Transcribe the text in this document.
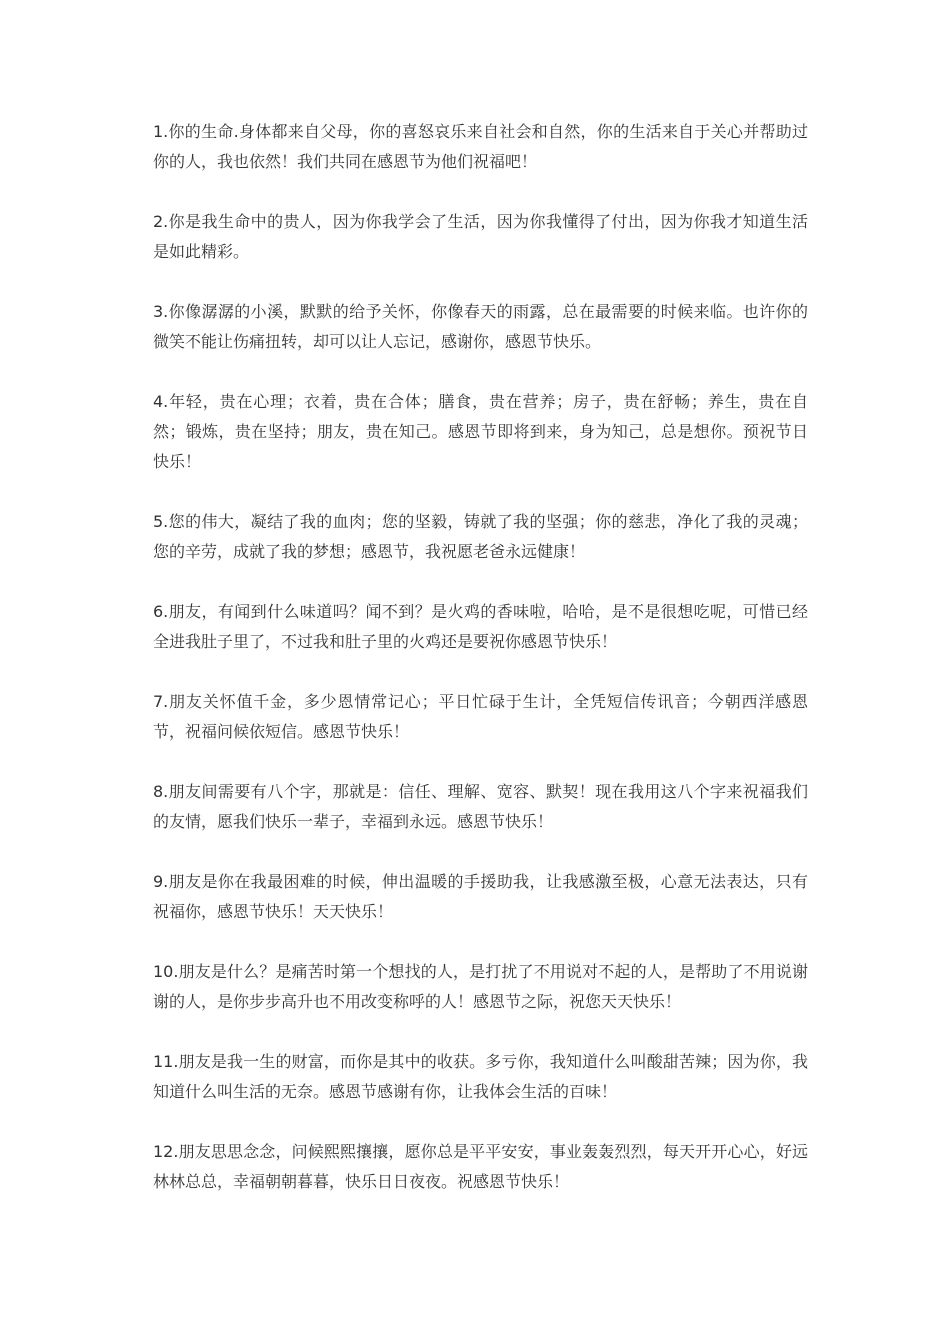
1.你的生命.身体都来自父母，你的喜怒哀乐来自社会和自然，你的生活来自于关心并帮助过你的人，我也依然！我们共同在感恩节为他们祝福吧！

2.你是我生命中的贵人，因为你我学会了生活，因为你我懂得了付出，因为你我才知道生活是如此精彩。

3.你像潺潺的小溪，默默的给予关怀，你像春天的雨露，总在最需要的时候来临。也许你的微笑不能让伤痛扭转，却可以让人忘记，感谢你，感恩节快乐。

4.年轻，贵在心理；衣着，贵在合体；膳食，贵在营养；房子，贵在舒畅；养生，贵在自然；锻炼，贵在坚持；朋友，贵在知己。感恩节即将到来，身为知己，总是想你。预祝节日快乐！

5.您的伟大，凝结了我的血肉；您的坚毅，铸就了我的坚强；你的慈悲，净化了我的灵魂；您的辛劳，成就了我的梦想；感恩节，我祝愿老爸永远健康！

6.朋友，有闻到什么味道吗？闻不到？是火鸡的香味啦，哈哈，是不是很想吃呢，可惜已经全进我肚子里了，不过我和肚子里的火鸡还是要祝你感恩节快乐！

7.朋友关怀值千金，多少恩情常记心；平日忙碌于生计，全凭短信传讯音；今朝西洋感恩节，祝福问候依短信。感恩节快乐！

8.朋友间需要有八个字，那就是：信任、理解、宽容、默契！现在我用这八个字来祝福我们的友情，愿我们快乐一辈子，幸福到永远。感恩节快乐！

9.朋友是你在我最困难的时候，伸出温暖的手援助我，让我感激至极，心意无法表达，只有祝福你，感恩节快乐！天天快乐！

10.朋友是什么？是痛苦时第一个想找的人，是打扰了不用说对不起的人，是帮助了不用说谢谢的人，是你步步高升也不用改变称呼的人！感恩节之际，祝您天天快乐！

11.朋友是我一生的财富，而你是其中的收获。多亏你，我知道什么叫酸甜苦辣；因为你，我知道什么叫生活的无奈。感恩节感谢有你，让我体会生活的百味！

12.朋友思思念念，问候熙熙攘攘，愿你总是平平安安，事业轰轰烈烈，每天开开心心，好远林林总总，幸福朝朝暮暮，快乐日日夜夜。祝感恩节快乐！
